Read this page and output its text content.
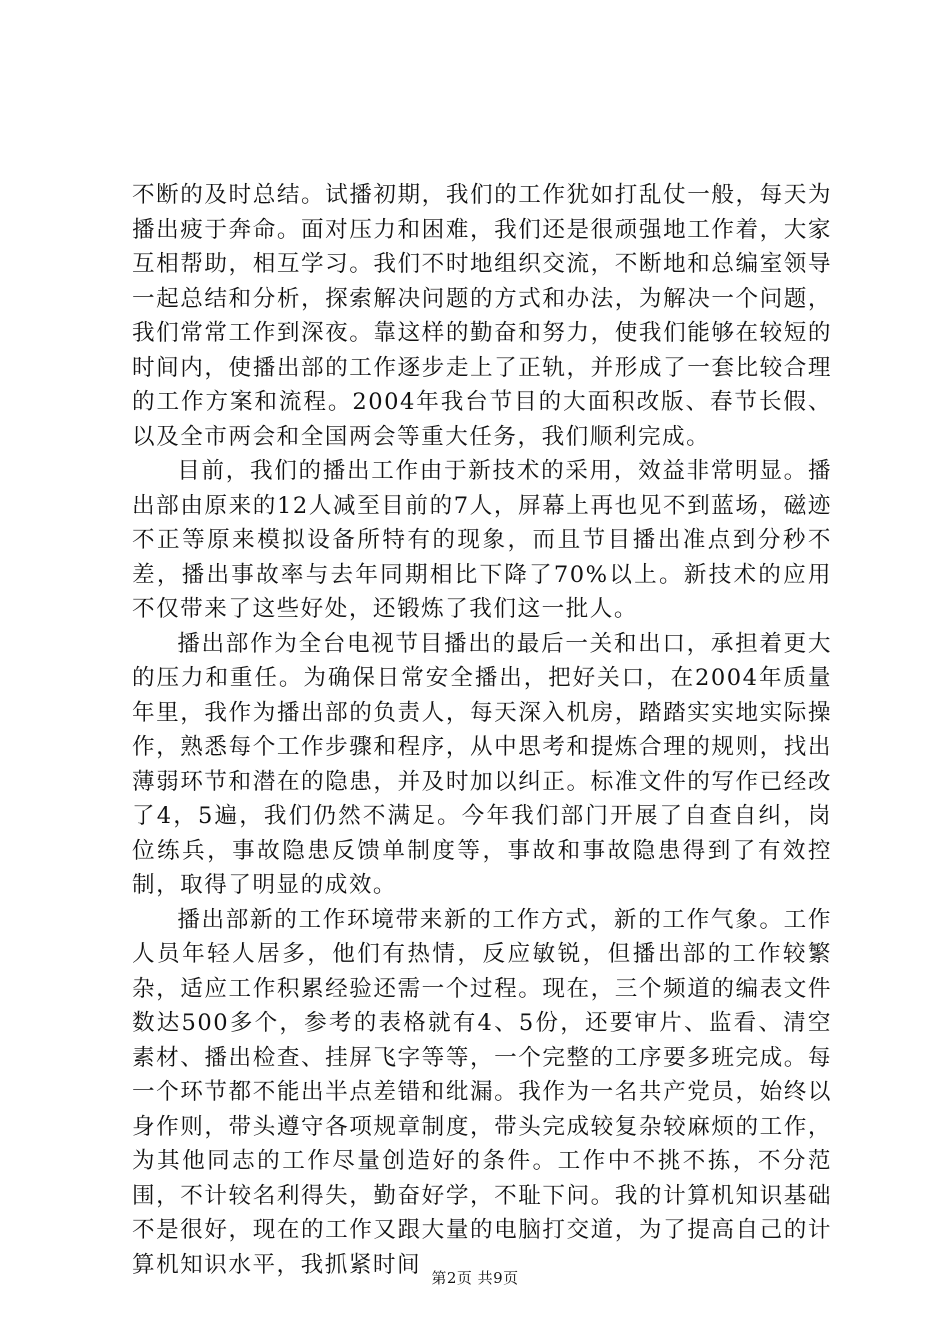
不断的及时总结。试播初期，我们的工作犹如打乱仗一般，每天为播出疲于奔命。面对压力和困难，我们还是很顽强地工作着，大家互相帮助，相互学习。我们不时地组织交流，不断地和总编室领导一起总结和分析，探索解决问题的方式和办法，为解决一个问题，我们常常工作到深夜。靠这样的勤奋和努力，使我们能够在较短的时间内，使播出部的工作逐步走上了正轨，并形成了一套比较合理的工作方案和流程。2004年我台节目的大面积改版、春节长假、以及全市两会和全国两会等重大任务，我们顺利完成。

目前，我们的播出工作由于新技术的采用，效益非常明显。播出部由原来的12人减至目前的7人，屏幕上再也见不到蓝场，磁迹不正等原来模拟设备所特有的现象，而且节目播出准点到分秒不差，播出事故率与去年同期相比下降了70%以上。新技术的应用不仅带来了这些好处，还锻炼了我们这一批人。

播出部作为全台电视节目播出的最后一关和出口，承担着更大的压力和重任。为确保日常安全播出，把好关口，在2004年质量年里，我作为播出部的负责人，每天深入机房，踏踏实实地实际操作，熟悉每个工作步骤和程序，从中思考和提炼合理的规则，找出薄弱环节和潜在的隐患，并及时加以纠正。标准文件的写作已经改了4，5遍，我们仍然不满足。今年我们部门开展了自查自纠，岗位练兵，事故隐患反馈单制度等，事故和事故隐患得到了有效控制，取得了明显的成效。

播出部新的工作环境带来新的工作方式，新的工作气象。工作人员年轻人居多，他们有热情，反应敏锐，但播出部的工作较繁杂，适应工作积累经验还需一个过程。现在，三个频道的编表文件数达500多个，参考的表格就有4、5份，还要审片、监看、清空素材、播出检查、挂屏飞字等等，一个完整的工序要多班完成。每一个环节都不能出半点差错和纰漏。我作为一名共产党员，始终以身作则，带头遵守各项规章制度，带头完成较复杂较麻烦的工作，为其他同志的工作尽量创造好的条件。工作中不挑不拣，不分范围，不计较名利得失，勤奋好学，不耻下问。我的计算机知识基础不是很好，现在的工作又跟大量的电脑打交道，为了提高自己的计算机知识水平，我抓紧时间

第2页 共9页
